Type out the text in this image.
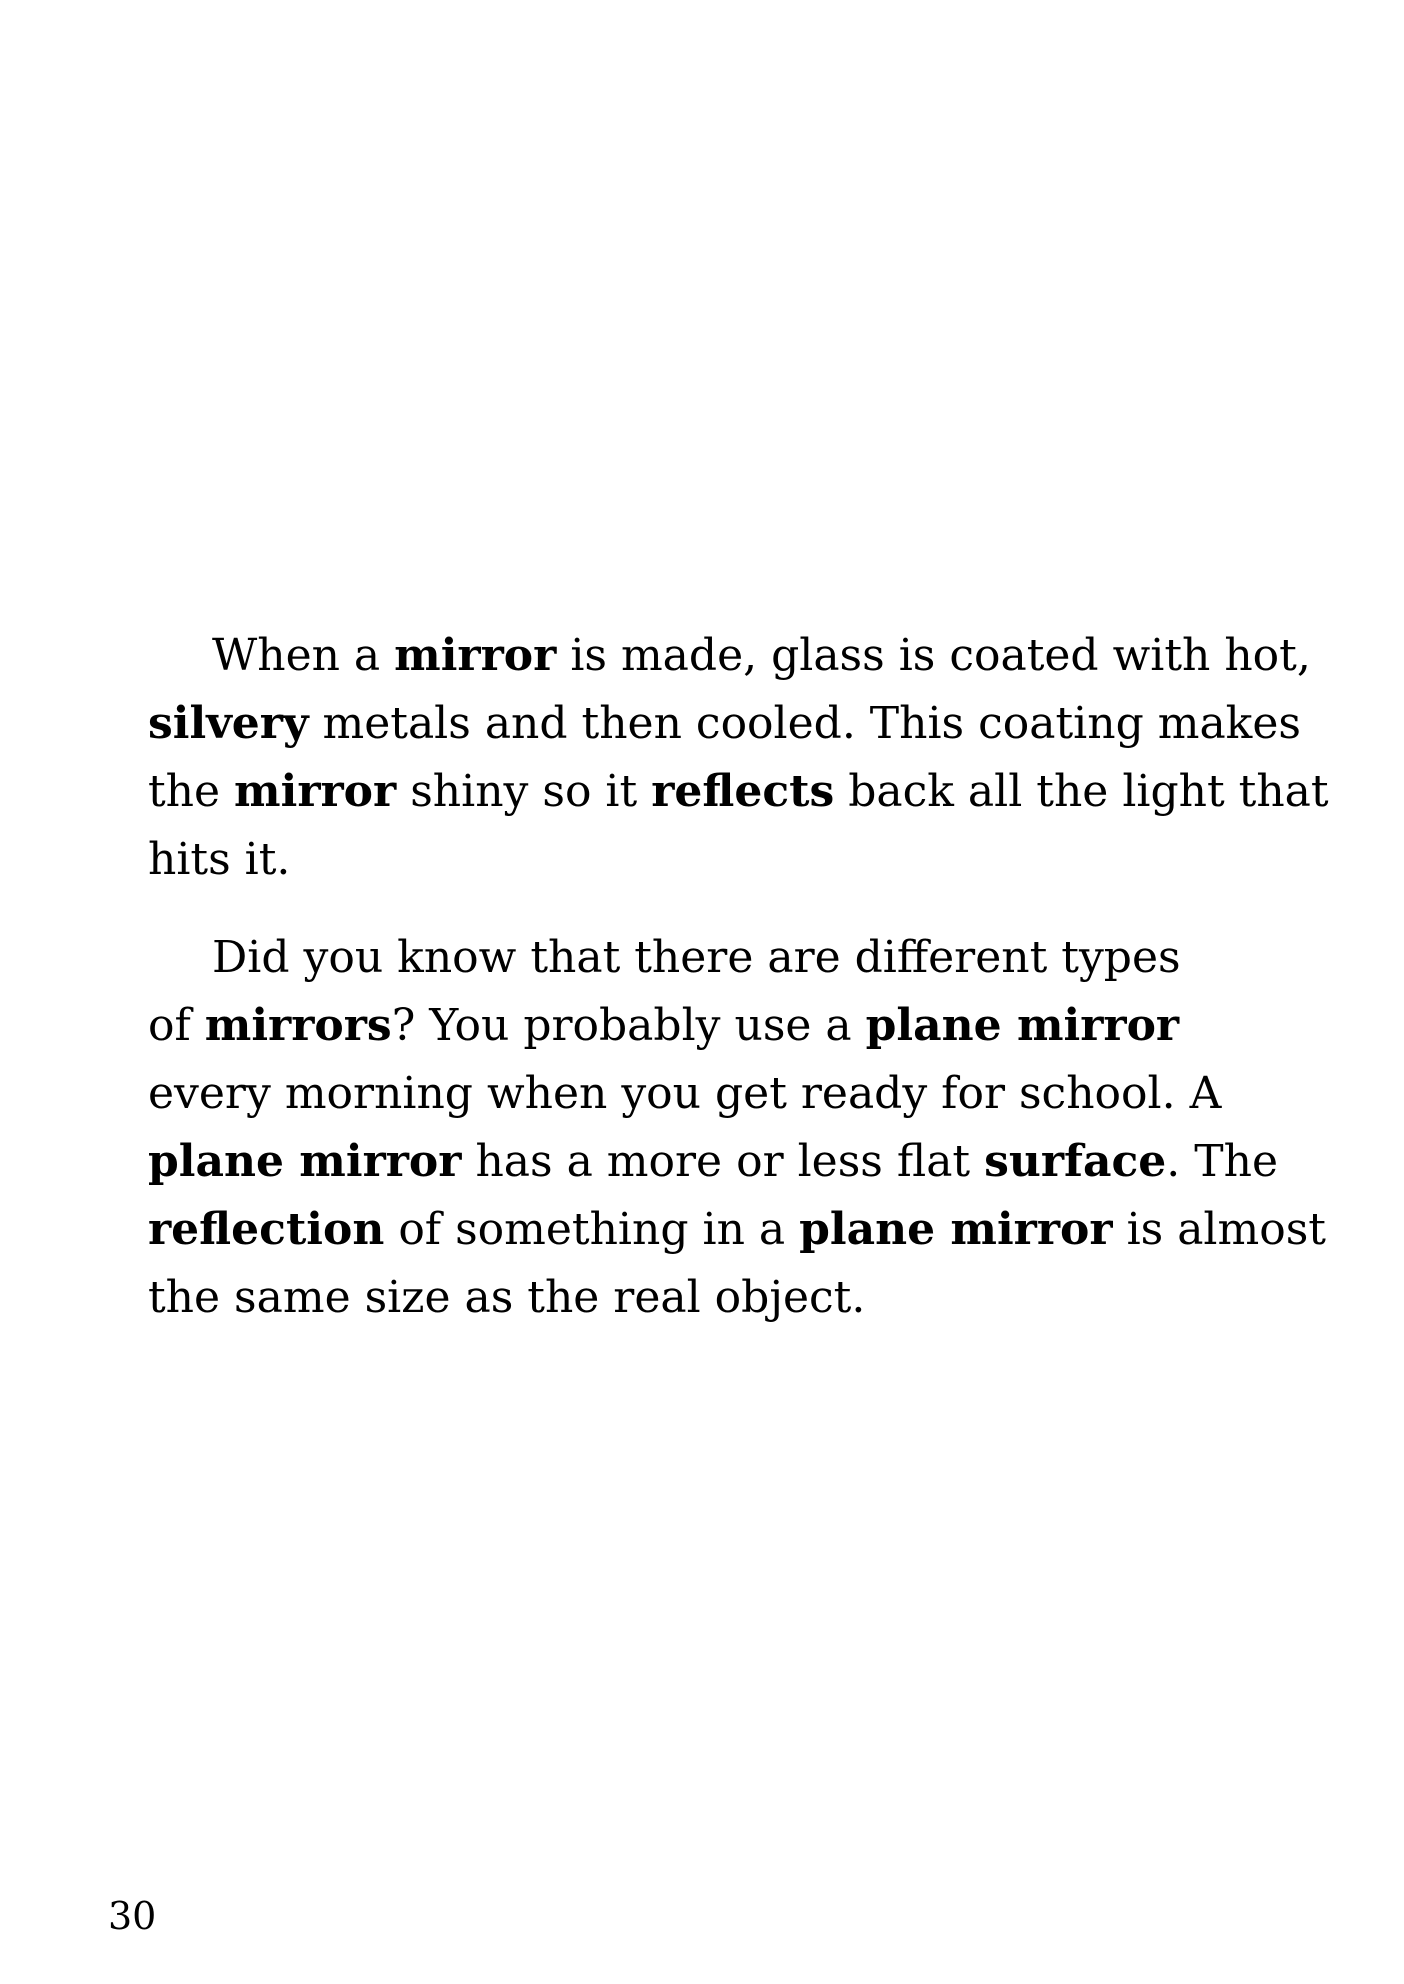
When a mirror is made, glass is coated with hot,
silvery metals and then cooled. This coating makes
the mirror shiny so it reflects back all the light that
hits it.
Did you know that there are different types
of mirrors? You probably use a plane mirror
every morning when you get ready for school. A
plane mirror has a more or less flat surface. The
reflection of something in a plane mirror is almost
the same size as the real object.
30
